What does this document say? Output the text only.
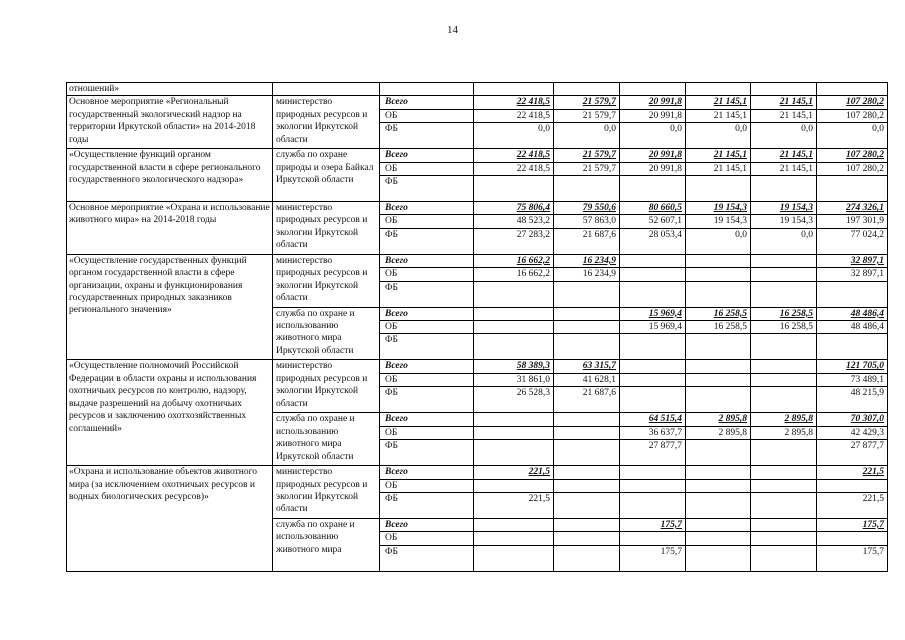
14
отношений»								
Основное мероприятие «Региональный государственный экологический надзор на территории Иркутской области» на 2014-2018 годы	министерство природных ресурсов и экологии Иркутской области	Всего	22 418,5	21 579,7	20 991,8	21 145,1	21 145,1	107 280,2
		ОБ	22 418,5	21 579,7	20 991,8	21 145,1	21 145,1	107 280,2
		ФБ	0,0	0,0	0,0	0,0	0,0	0,0
«Осуществление функций органом государственной власти в сфере регионального государственного экологического надзора»	служба по охране природы и озера Байкал Иркутской области	Всего	22 418,5	21 579,7	20 991,8	21 145,1	21 145,1	107 280,2
		ОБ	22 418,5	21 579,7	20 991,8	21 145,1	21 145,1	107 280,2
		ФБ						
Основное мероприятие «Охрана и использование животного мира» на 2014-2018 годы	министерство природных ресурсов и экологии Иркутской области	Всего	75 806,4	79 550,6	80 660,5	19 154,3	19 154,3	274 326,1
		ОБ	48 523,2	57 863,0	52 607,1	19 154,3	19 154,3	197 301,9
		ФБ	27 283,2	21 687,6	28 053,4	0,0	0,0	77 024,2
«Осуществление государственных функций органом государственной власти в сфере организации, охраны и функционирования государственных природных заказников регионального значения»	министерство природных ресурсов и экологии Иркутской области	Всего	16 662,2	16 234,9				32 897,1
		ОБ	16 662,2	16 234,9				32 897,1
		ФБ						
	служба по охране и использованию животного мира Иркутской области	Всего			15 969,4	16 258,5	16 258,5	48 486,4
		ОБ			15 969,4	16 258,5	16 258,5	48 486,4
		ФБ						
«Осуществление полномочий Российской Федерации в области охраны и использования охотничьих ресурсов по контролю, надзору, выдаче разрешений на добычу охотничьих ресурсов и заключению охотхозяйственных соглашений»	министерство природных ресурсов и экологии Иркутской области	Всего	58 389,3	63 315,7				121 705,0
		ОБ	31 861,0	41 628,1				73 489,1
		ФБ	26 528,3	21 687,6				48 215,9
	служба по охране и использованию животного мира Иркутской области	Всего			64 515,4	2 895,8	2 895,8	70 307,0
		ОБ			36 637,7	2 895,8	2 895,8	42 429,3
		ФБ			27 877,7			27 877,7
«Охрана и использование объектов животного мира (за исключением охотничьих ресурсов и водных биологических ресурсов)»	министерство природных ресурсов и экологии Иркутской области	Всего	221,5					221,5
		ОБ						
		ФБ	221,5					221,5
	служба по охране и использованию животного мира	Всего			175,7			175,7
		ОБ						
		ФБ			175,7			175,7
